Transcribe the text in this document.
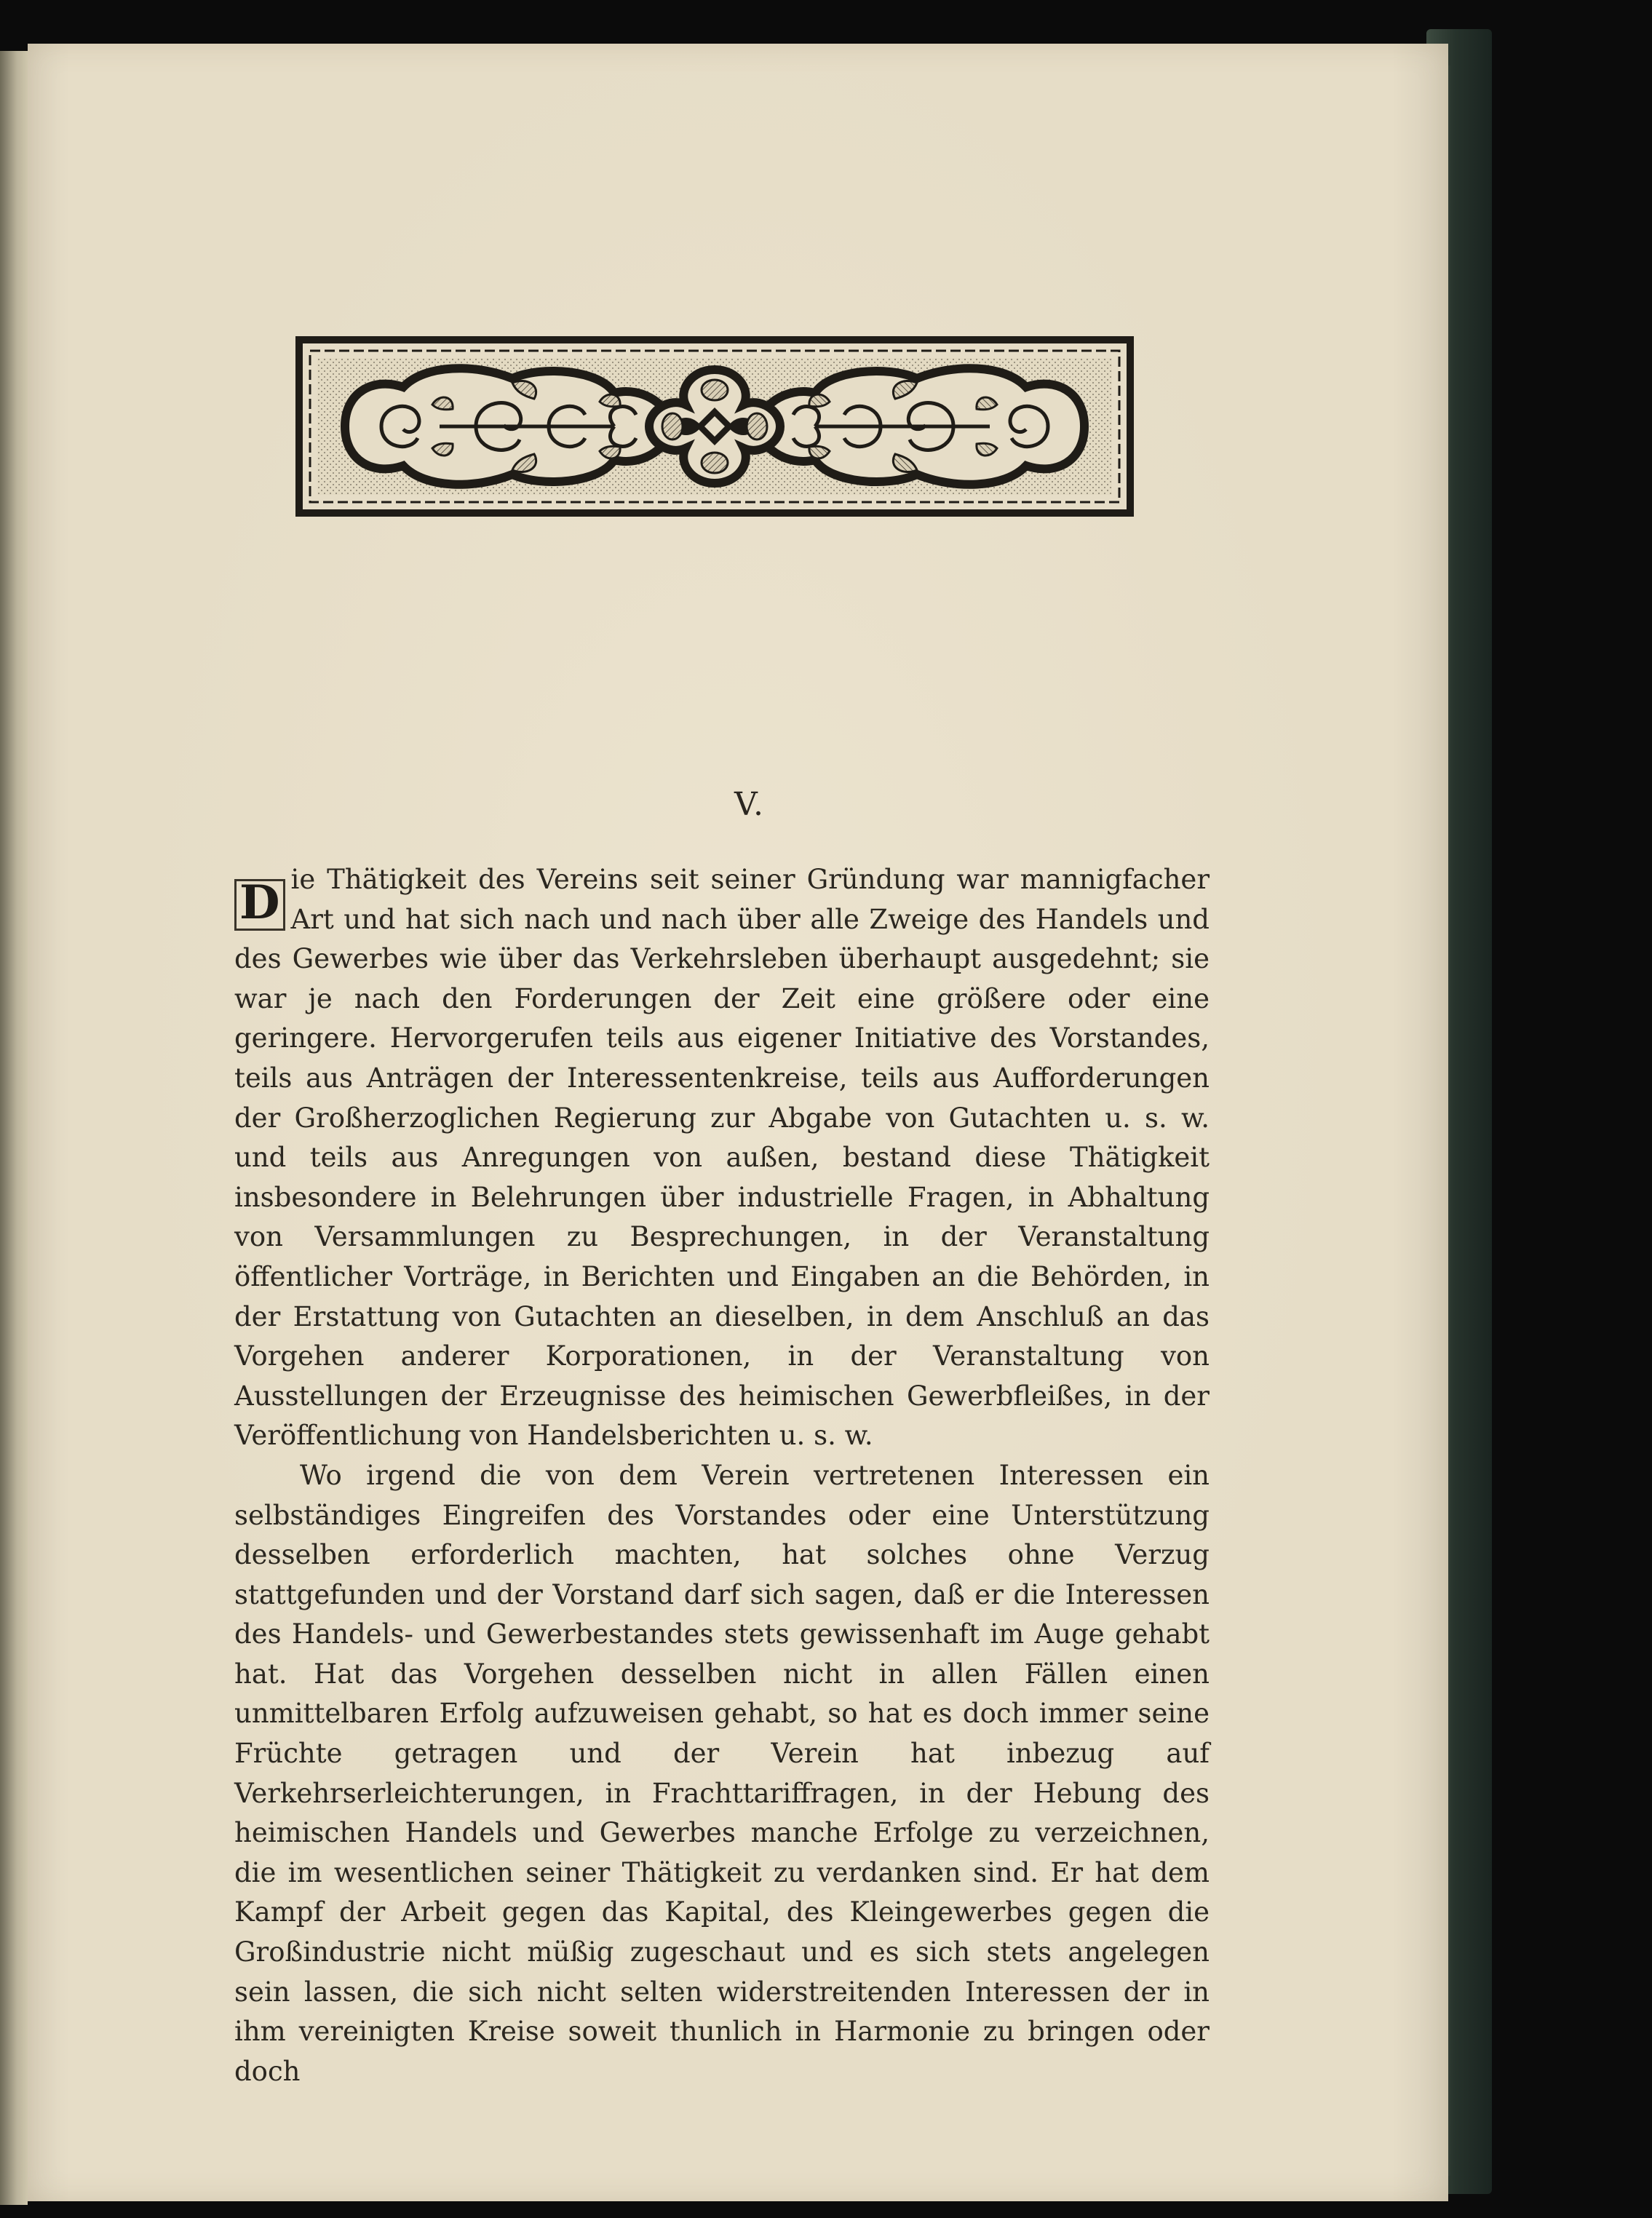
V.

D ie Thätigkeit des Vereins seit seiner Gründung war mannigfacher Art und hat sich nach und nach über alle Zweige des Handels und des Gewerbes wie über das Verkehrsleben überhaupt ausgedehnt; sie war je nach den Forderungen der Zeit eine größere oder eine geringere. Hervorgerufen teils aus eigener Initiative des Vorstandes, teils aus Anträgen der Interessentenkreise, teils aus Aufforderungen der Großherzoglichen Regierung zur Abgabe von Gutachten u. s. w. und teils aus Anregungen von außen, bestand diese Thätigkeit insbesondere in Belehrungen über industrielle Fragen, in Abhaltung von Versammlungen zu Besprechungen, in der Veranstaltung öffentlicher Vorträge, in Berichten und Eingaben an die Behörden, in der Erstattung von Gutachten an dieselben, in dem Anschluß an das Vorgehen anderer Korporationen, in der Veranstaltung von Ausstellungen der Erzeugnisse des heimischen Gewerbfleißes, in der Veröffentlichung von Handelsberichten u. s. w.

Wo irgend die von dem Verein vertretenen Interessen ein selbständiges Eingreifen des Vorstandes oder eine Unterstützung desselben erforderlich machten, hat solches ohne Verzug stattgefunden und der Vorstand darf sich sagen, daß er die Interessen des Handels- und Gewerbestandes stets gewissenhaft im Auge gehabt hat. Hat das Vorgehen desselben nicht in allen Fällen einen unmittelbaren Erfolg aufzuweisen gehabt, so hat es doch immer seine Früchte getragen und der Verein hat inbezug auf Verkehrserleichterungen, in Frachttariffragen, in der Hebung des heimischen Handels und Gewerbes manche Erfolge zu verzeichnen, die im wesentlichen seiner Thätigkeit zu verdanken sind. Er hat dem Kampf der Arbeit gegen das Kapital, des Kleingewerbes gegen die Großindustrie nicht müßig zugeschaut und es sich stets angelegen sein lassen, die sich nicht selten widerstreitenden Interessen der in ihm vereinigten Kreise soweit thunlich in Harmonie zu bringen oder doch
